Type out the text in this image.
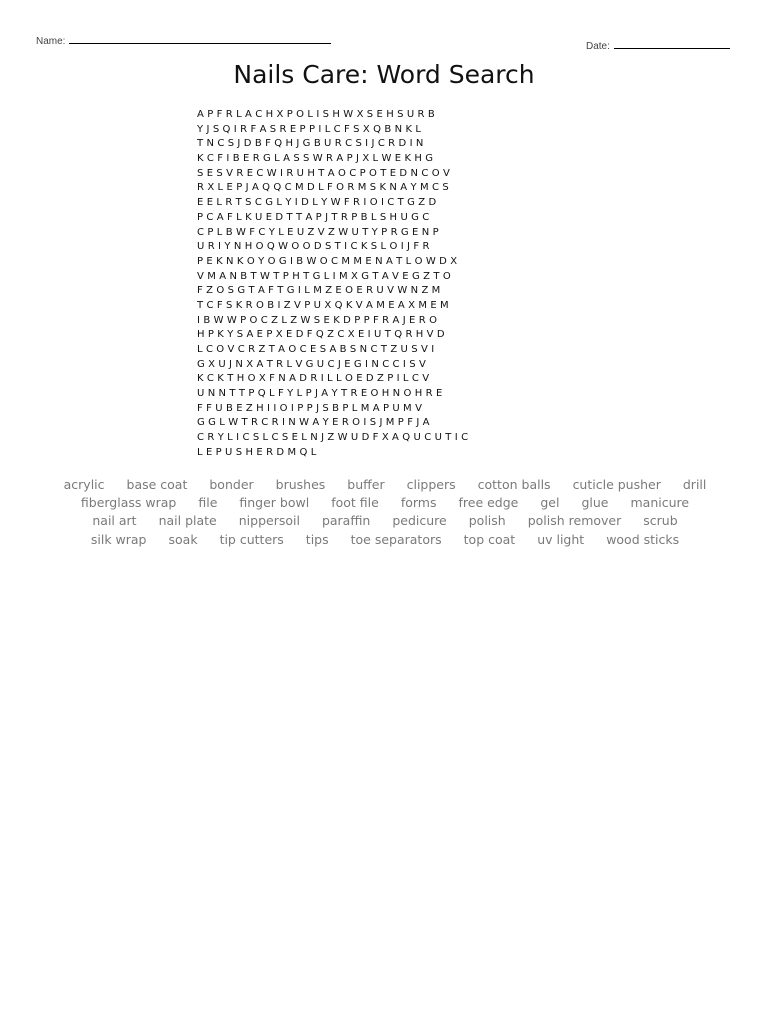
Name:	Date:
Nails Care: Word Search
A P F R L A C H X P O L I S H W X S E H S U R B
Y J S Q I R F A S R E P P I L C F S X Q B N K L
T N C S J D B F Q H J G B U R C S I J C R D I N
K C F I B E R G L A S S W R A P J X L W E K H G
S E S V R E C W I R U H T A O C P O T E D N C O V
R X L E P J A Q Q C M D L F O R M S K N A Y M C S
E E L R T S C G L Y I D L Y W F R I O I C T G Z D
P C A F L K U E D T T A P J T R P B L S H U G C
C P L B W F C Y L E U Z V Z W U T Y P R G E N P
U R I Y N H O Q W O O D S T I C K S L O I J F R
P E K N K O Y O G I B W O C M M E N A T L O W D X
V M A N B T W T P H T G L I M X G T A V E G Z T O
F Z O S G T A F T G I L M Z E O E R U V W N Z M
T C F S K R O B I Z V P U X Q K V A M E A X M E M
I B W W P O C Z L Z W S E K D P P F R A J E R O
H P K Y S A E P X E D F Q Z C X E I U T Q R H V D
L C O V C R Z T A O C E S A B S N C T Z U S V I
G X U J N X A T R L V G U C J E G I N C C I S V
K C K T H O X F N A D R I L L O E D Z P I L C V
U N N T T P Q L F Y L P J A Y T R E O H N O H R E
F F U B E Z H I I O I P P J S B P L M A P U M V
G G L W T R C R I N W A Y E R O I S J M P F J A
C R Y L I C S L C S E L N J Z W U D F X A Q U C U T I C
L E P U S H E R D M Q L
acrylic base coat bonder brushes buffer clippers cotton balls cuticle pusher drill
fiberglass wrap file finger bowl foot file forms free edge gel glue manicure
nail art nail plate nippersoil paraffin pedicure polish polish remover scrub
silk wrap soak tip cutters tips toe separators top coat uv light wood sticks
